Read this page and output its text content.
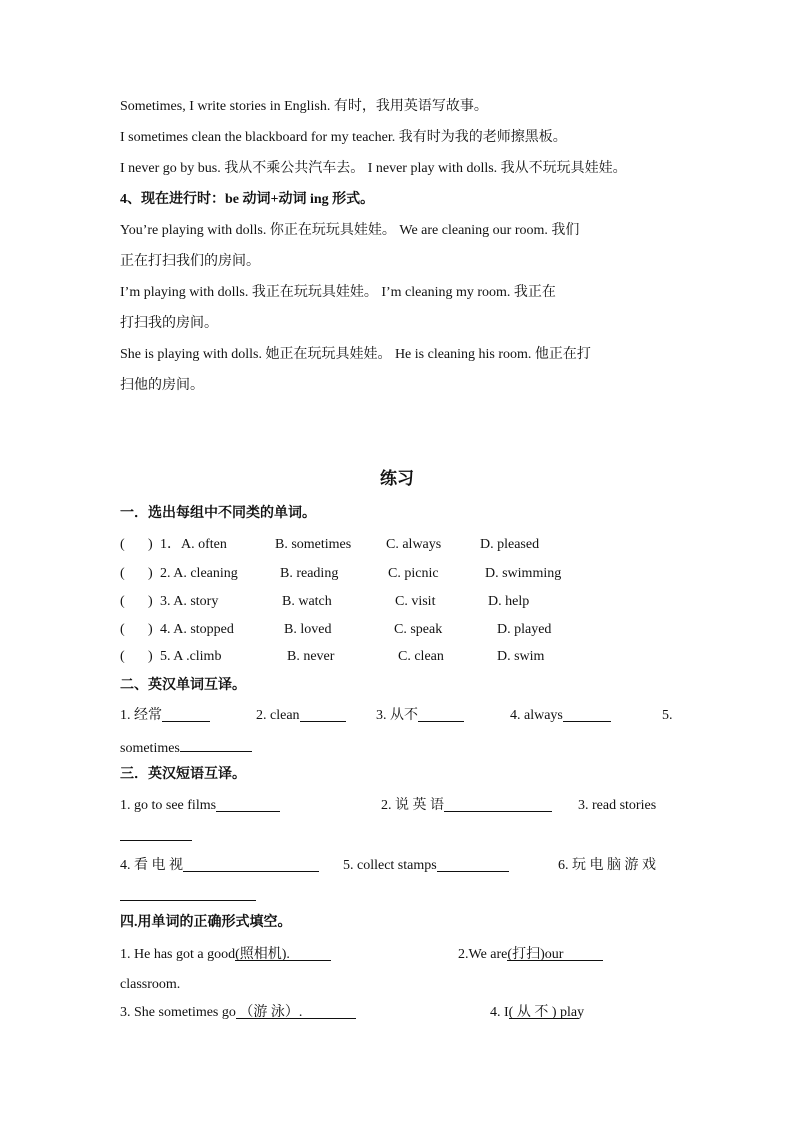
Sometimes, I write stories in English. 有时，我用英语写故事。
I sometimes clean the blackboard for my teacher. 我有时为我的老师擦黑板。
I never go by bus. 我从不乘公共汽车去。 I never play with dolls. 我从不玩玩具娃娃。
4、现在进行时：be 动词+动词 ing 形式。
You’re playing with dolls. 你正在玩玩具娃娃。 We are cleaning our room. 我们
正在打扫我们的房间。
I’m playing with dolls. 我正在玩玩具娃娃。 I’m cleaning my room. 我正在
打扫我的房间。
She is playing with dolls. 她正在玩玩具娃娃。 He is cleaning his room. 他正在打
扫他的房间。
练习
一．选出每组中不同类的单词。
( ) 1．A. often	B. sometimes C. always	D. pleased
( ) 2. A. cleaning	B. reading	C. picnic	D. swimming
( ) 3. A. story	B. watch	C. visit	D. help
( ) 4. A. stopped	B. loved	C. speak	D. played
( ) 5. A .climb	B. never	C. clean	D. swim
二、英汉单词互译。
1. 经常	2. clean	3. 从不	4. always	5.
sometimes
三．英汉短语互译。
1. go to see films	2. 说 英 语	3. read stories
4. 看 电 视	5. collect stamps	6. 玩 电 脑 游 戏
四.用单词的正确形式填空。
1. He has got a good
(照相机).	2.We are
(打扫)our
classroom.
3. She sometimes go （游 泳）.	4. I
( 从 不 ) play
